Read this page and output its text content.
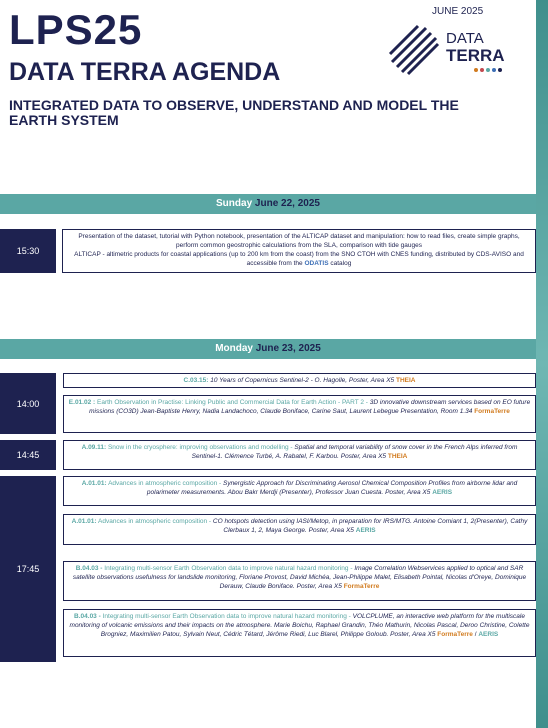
LPS25
DATA TERRA AGENDA
INTEGRATED DATA TO OBSERVE, UNDERSTAND AND MODEL THE EARTH SYSTEM
JUNE 2025
DATA
TERRA
Sunday June 22, 2025
15:30
Presentation of the dataset, tutorial with Python notebook, presentation of the ALTICAP dataset and manipulation: how to read files, create simple graphs, perform common geostrophic calculations from the SLA, comparison with tide gauges
ALTICAP - altimetric products for coastal applications (up to 200 km from the coast) from the SNO CTOH with CNES funding, distributed by CDS-AVISO and accessible from the ODATIS catalog
Monday June 23, 2025
14:00
C.03.15: 10 Years of Copernicus Sentinel-2 - O. Hagolle, Poster, Area X5 THEIA
E.01.02 : Earth Observation in Practise: Linking Public and Commercial Data for Earth Action - PART 2 - 3D innovative downstream services based on EO future missions (CO3D) Jean-Baptiste Henry, Nadia Landachoco, Claude Boniface, Carine Saut, Laurent Lebegue Presentation, Room 1.34 FormaTerre
14:45
A.09.11: Snow in the cryosphere: improving observations and modelling - Spatial and temporal variability of snow cover in the French Alps inferred from Sentinel-1. Clémence Turbé, A. Rabatel, F. Karbou. Poster, Area X5 THEIA
17:45
A.01.01: Advances in atmospheric composition - Synergistic Approach for Discriminating Aerosol Chemical Composition Profiles from airborne lidar and polarimeter measurements. Abou Bakr Merdji (Presenter), Professor Juan Cuesta. Poster, Area X5 AERIS
A.01.01: Advances in atmospheric composition - CO hotspots detection using IASI/Metop, in preparation for IRS/MTG. Antoine Comiant 1, 2(Presenter), Cathy Clerbaux 1, 2, Maya George. Poster, Area X5 AERIS
B.04.03 - Integrating multi-sensor Earth Observation data to improve natural hazard monitoring - Image Correlation Webservices applied to optical and SAR satellite observations usefulness for landslide monitoring, Floriane Provost, David Michéa, Jean-Philippe Malet, Elisabeth Pointal, Nicolas d'Oreye, Dominique Derauw, Claude Boniface. Poster, Area X5 FormaTerre
B.04.03 - Integrating multi-sensor Earth Observation data to improve natural hazard monitoring - VOLCPLUME, an interactive web platform for the multiscale monitoring of volcanic emissions and their impacts on the atmosphere. Marie Boichu, Raphael Grandin, Théo Mathurin, Nicolas Pascal, Deroo Christine, Colette Brogniez, Maximilien Patou, Sylvain Neut, Cédric Tétard, Jérôme Riedi, Luc Blarel, Philippe Goloub. Poster, Area X5 FormaTerre / AERIS
